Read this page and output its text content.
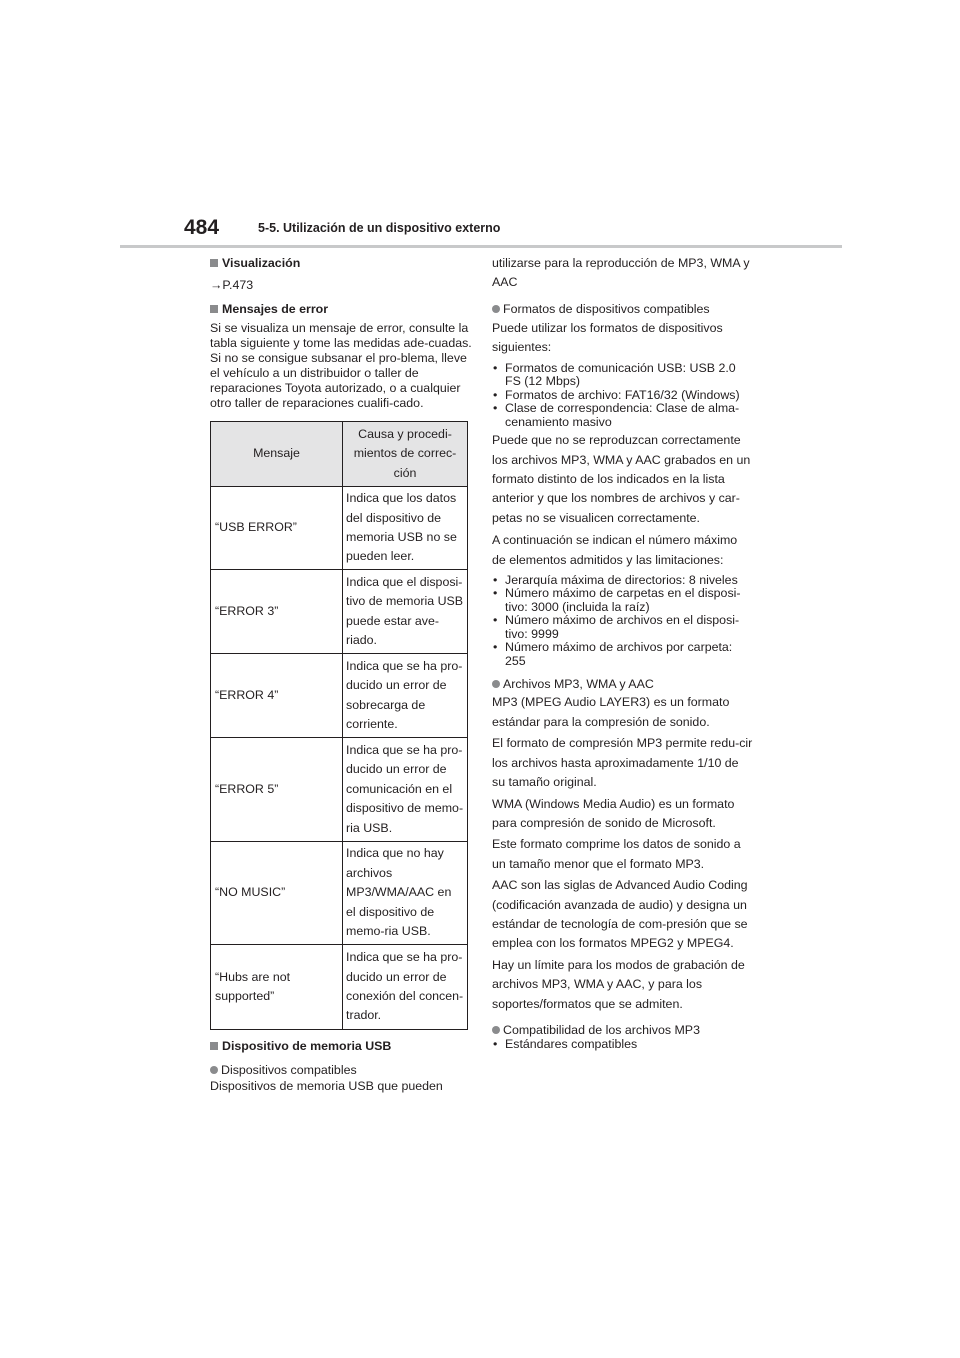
484	5-5. Utilización de un dispositivo externo

Visualización

→P.473

Mensajes de error

Si se visualiza un mensaje de error, consulte la tabla siguiente y tome las medidas ade-cuadas. Si no se consigue subsanar el pro-blema, lleve el vehículo a un distribuidor o taller de reparaciones Toyota autorizado, o a cualquier otro taller de reparaciones cualifi-cado.

Mensaje	Causa y procedi-mientos de correc-ción
“USB ERROR”	Indica que los datos del dispositivo de memoria USB no se pueden leer.
“ERROR 3”	Indica que el disposi-tivo de memoria USB puede estar ave-riado.
“ERROR 4”	Indica que se ha pro-ducido un error de sobrecarga de corriente.
“ERROR 5”	Indica que se ha pro-ducido un error de comunicación en el dispositivo de memo-ria USB.
“NO MUSIC”	Indica que no hay archivos MP3/WMA/AAC en el dispositivo de memo-ria USB.
“Hubs are not supported”	Indica que se ha pro-ducido un error de conexión del concen-trador.

Dispositivo de memoria USB

Dispositivos compatibles

Dispositivos de memoria USB que pueden

utilizarse para la reproducción de MP3, WMA y AAC

Formatos de dispositivos compatibles

Puede utilizar los formatos de dispositivos siguientes:

• Formatos de comunicación USB: USB 2.0 FS (12 Mbps)
• Formatos de archivo: FAT16/32 (Windows)
• Clase de correspondencia: Clase de alma-cenamiento masivo

Puede que no se reproduzcan correctamente los archivos MP3, WMA y AAC grabados en un formato distinto de los indicados en la lista anterior y que los nombres de archivos y car-petas no se visualicen correctamente.

A continuación se indican el número máximo de elementos admitidos y las limitaciones:

• Jerarquía máxima de directorios: 8 niveles
• Número máximo de carpetas en el disposi-tivo: 3000 (incluida la raíz)
• Número máximo de archivos en el disposi-tivo: 9999
• Número máximo de archivos por carpeta: 255

Archivos MP3, WMA y AAC

MP3 (MPEG Audio LAYER3) es un formato estándar para la compresión de sonido.

El formato de compresión MP3 permite redu-cir los archivos hasta aproximadamente 1/10 de su tamaño original.

WMA (Windows Media Audio) es un formato para compresión de sonido de Microsoft.

Este formato comprime los datos de sonido a un tamaño menor que el formato MP3.

AAC son las siglas de Advanced Audio Coding (codificación avanzada de audio) y designa un estándar de tecnología de com-presión que se emplea con los formatos MPEG2 y MPEG4.

Hay un límite para los modos de grabación de archivos MP3, WMA y AAC, y para los soportes/formatos que se admiten.

Compatibilidad de los archivos MP3

• Estándares compatibles
